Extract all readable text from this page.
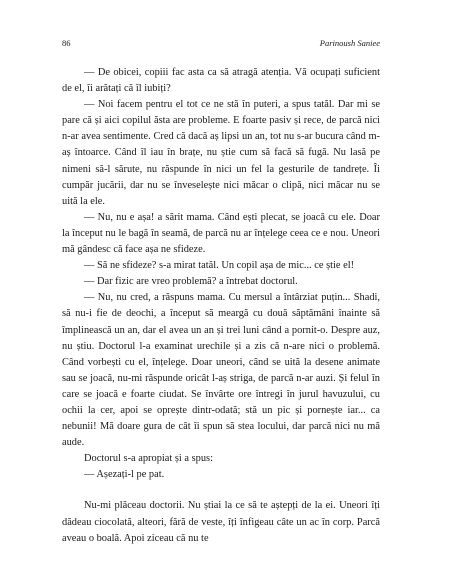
86	Parinoush Saniee

— De obicei, copiii fac asta ca să atragă atenția. Vă ocupați suficient de el, îi arătați că îl iubiți?

— Noi facem pentru el tot ce ne stă în puteri, a spus tatăl. Dar mi se pare că și aici copilul ăsta are probleme. E foarte pasiv și rece, de parcă nici n-ar avea sentimente. Cred că dacă aș lipsi un an, tot nu s-ar bucura când m-aș întoarce. Când îl iau în brațe, nu știe cum să facă să fugă. Nu lasă pe nimeni să-l sărute, nu răspunde în nici un fel la gesturile de tandrețe. Îi cumpăr jucării, dar nu se înveselește nici măcar o clipă, nici măcar nu se uită la ele.

— Nu, nu e așa! a sărit mama. Când ești plecat, se joacă cu ele. Doar la început nu le bagă în seamă, de parcă nu ar înțelege ceea ce e nou. Uneori mă gândesc că face așa ne sfideze.

— Să ne sfideze? s-a mirat tatăl. Un copil așa de mic... ce știe el!

— Dar fizic are vreo problemă? a întrebat doctorul.

— Nu, nu cred, a răspuns mama. Cu mersul a întârziat puțin... Shadi, să nu-i fie de deochi, a început să meargă cu două săptămâni înainte să împlinească un an, dar el avea un an și trei luni când a pornit-o. Despre auz, nu știu. Doctorul l-a examinat urechile și a zis că n-are nici o problemă. Când vorbești cu el, înțelege. Doar uneori, când se uită la desene animate sau se joacă, nu-mi răspunde oricât l-aș striga, de parcă n-ar auzi. Și felul în care se joacă e foarte ciudat. Se învârte ore întregi în jurul havuzului, cu ochii la cer, apoi se oprește dintr-odată; stă un pic și pornește iar... ca nebunii! Mă doare gura de cât îi spun să stea locului, dar parcă nici nu mă aude.

Doctorul s-a apropiat și a spus:

— Așezați-l pe pat.

Nu-mi plăceau doctorii. Nu știai la ce să te aștepți de la ei. Uneori îți dădeau ciocolată, alteori, fără de veste, îți înfigeau câte un ac în corp. Parcă aveau o boală. Apoi ziceau că nu te
